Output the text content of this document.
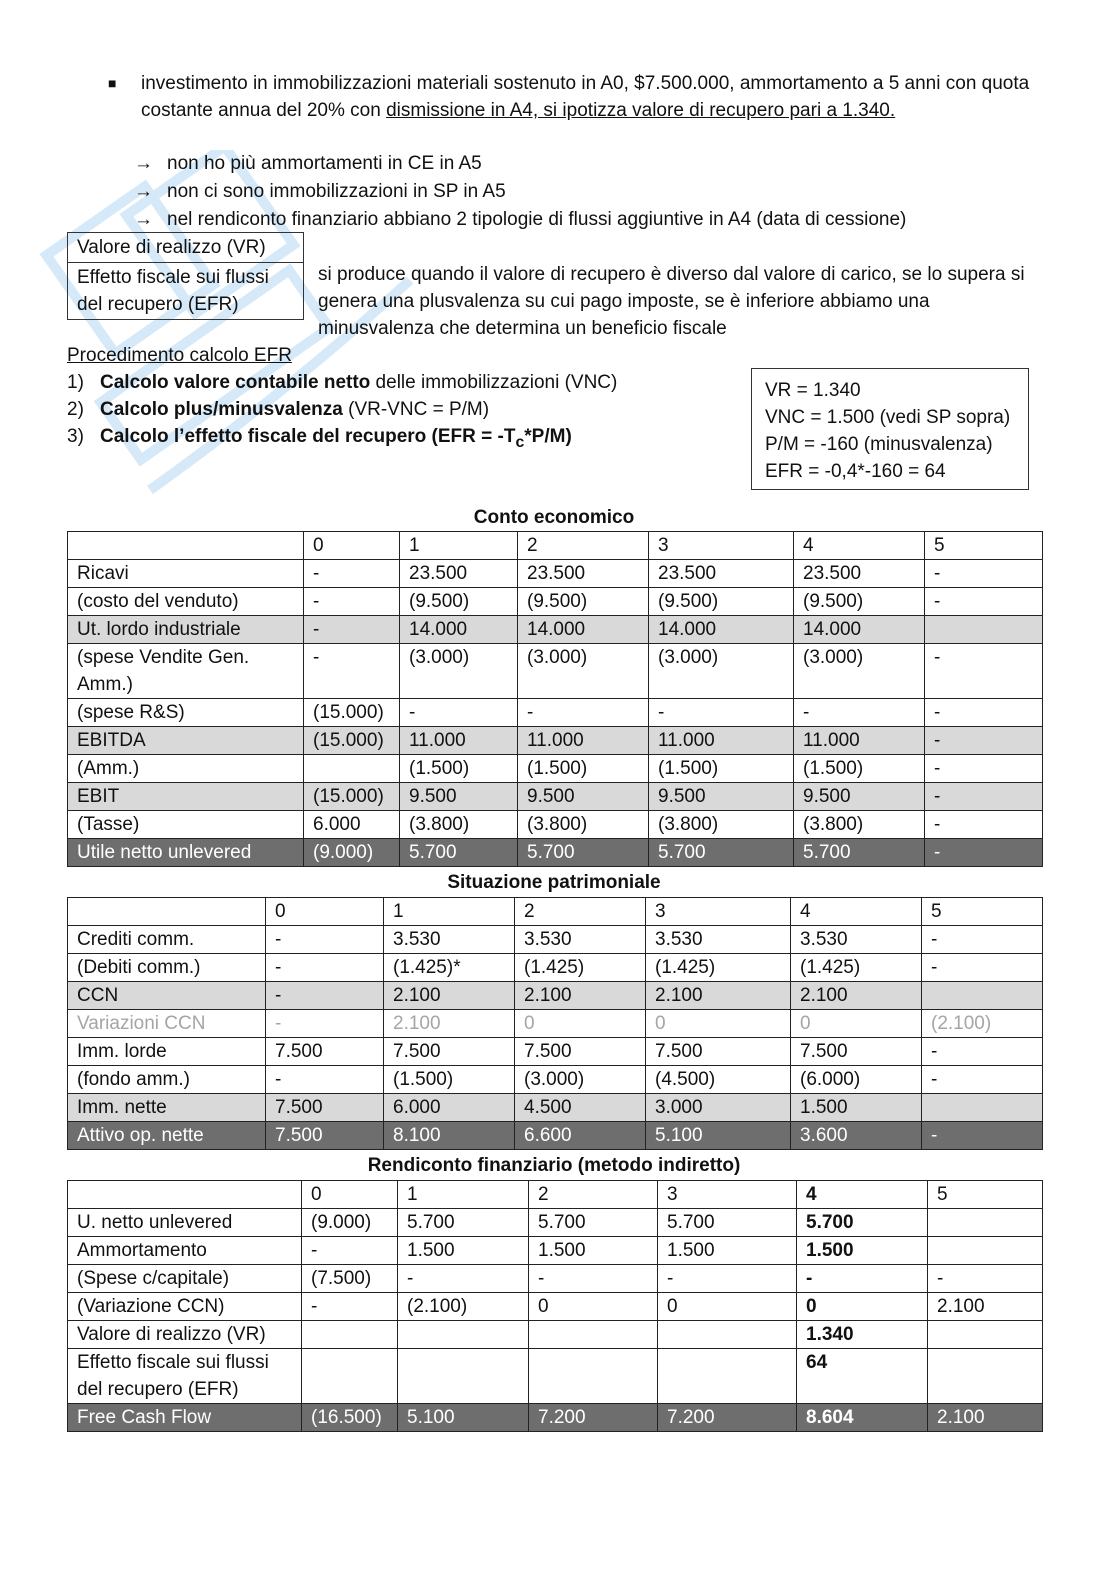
■ investimento in immobilizzazioni materiali sostenuto in A0, $7.500.000, ammortamento a 5 anni con quota costante annua del 20% con dismissione in A4, si ipotizza valore di recupero pari a 1.340.
→ non ho più ammortamenti in CE in A5
→ non ci sono immobilizzazioni in SP in A5
→ nel rendiconto finanziario abbiano 2 tipologie di flussi aggiuntive in A4 (data di cessione)
Valore di realizzo (VR)
Effetto fiscale sui flussi del recupero (EFR)
si produce quando il valore di recupero è diverso dal valore di carico, se lo supera si genera una plusvalenza su cui pago imposte, se è inferiore abbiamo una minusvalenza che determina un beneficio fiscale
Procedimento calcolo EFR
1) Calcolo valore contabile netto delle immobilizzazioni (VNC)
2) Calcolo plus/minusvalenza (VR-VNC = P/M)
3) Calcolo l’effetto fiscale del recupero $(EFR = -T_c*P/M)$
VR = 1.340
VNC = 1.500 (vedi SP sopra)
P/M = -160 (minusvalenza)
EFR = -0,4*-160 = 64
Conto economico
	0	1	2	3	4	5
Ricavi	-	23.500	23.500	23.500	23.500	-
(costo del venduto)	-	(9.500)	(9.500)	(9.500)	(9.500)	-
Ut. lordo industriale	-	14.000	14.000	14.000	14.000	
(spese Vendite Gen. Amm.)	-	(3.000)	(3.000)	(3.000)	(3.000)	-
(spese R&S)	(15.000)	-	-	-	-	-
EBITDA	(15.000)	11.000	11.000	11.000	11.000	-
(Amm.)		(1.500)	(1.500)	(1.500)	(1.500)	-
EBIT	(15.000)	9.500	9.500	9.500	9.500	-
(Tasse)	6.000	(3.800)	(3.800)	(3.800)	(3.800)	-
Utile netto unlevered	(9.000)	5.700	5.700	5.700	5.700	-
Situazione patrimoniale
	0	1	2	3	4	5
Crediti comm.	-	3.530	3.530	3.530	3.530	-
(Debiti comm.)	-	(1.425)*	(1.425)	(1.425)	(1.425)	-
CCN	-	2.100	2.100	2.100	2.100	
Variazioni CCN	-	2.100	0	0	0	(2.100)
Imm. lorde	7.500	7.500	7.500	7.500	7.500	-
(fondo amm.)	-	(1.500)	(3.000)	(4.500)	(6.000)	-
Imm. nette	7.500	6.000	4.500	3.000	1.500	
Attivo op. nette	7.500	8.100	6.600	5.100	3.600	-
Rendiconto finanziario (metodo indiretto)
	0	1	2	3	4	5
U. netto unlevered	(9.000)	5.700	5.700	5.700	5.700	
Ammortamento	-	1.500	1.500	1.500	1.500	
(Spese c/capitale)	(7.500)	-	-	-	-	-
(Variazione CCN)	-	(2.100)	0	0	0	2.100
Valore di realizzo (VR)					1.340	
Effetto fiscale sui flussi del recupero (EFR)					64	
Free Cash Flow	(16.500)	5.100	7.200	7.200	8.604	2.100
